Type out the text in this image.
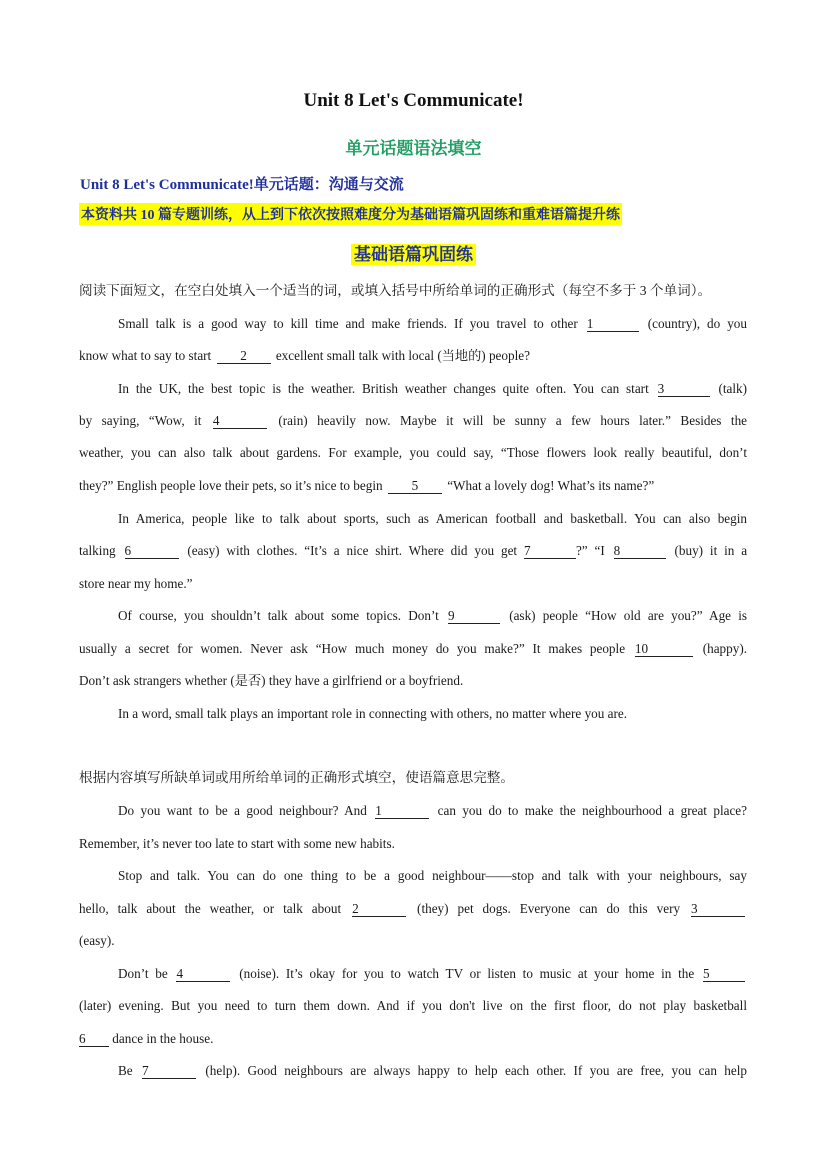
Unit 8 Let's Communicate!
单元话题语法填空
Unit 8 Let's Communicate!单元话题：沟通与交流
本资料共 10 篇专题训练，从上到下依次按照难度分为基础语篇巩固练和重难语篇提升练
基础语篇巩固练
阅读下面短文，在空白处填入一个适当的词，或填入括号中所给单词的正确形式（每空不多于 3 个单词）。
Small talk is a good way to kill time and make friends. If you travel to other 1	(country), do you
know what to say to start 2 excellent small talk with local (当地的) people?
In the UK, the best topic is the weather. British weather changes quite often. You can start 3	(talk)
by saying, “Wow, it 4	(rain) heavily now. Maybe it will be sunny a few hours later.” Besides the
weather, you can also talk about gardens. For example, you could say, “Those flowers look really beautiful, don’t
they?” English people love their pets, so it’s nice to begin 5 “What a lovely dog! What’s its name?”
In America, people like to talk about sports, such as American football and basketball. You can also begin
talking 6	(easy) with clothes. “It’s a nice shirt. Where did you get 7	?” “I 8	(buy) it in a
store near my home.”
Of course, you shouldn’t talk about some topics. Don’t 9	(ask) people “How old are you?” Age is
usually a secret for women. Never ask “How much money do you make?” It makes people 10	(happy).
Don’t ask strangers whether (是否) they have a girlfriend or a boyfriend.
In a word, small talk plays an important role in connecting with others, no matter where you are.
根据内容填写所缺单词或用所给单词的正确形式填空，使语篇意思完整。
Do you want to be a good neighbour? And 1	can you do to make the neighbourhood a great place?
Remember, it’s never too late to start with some new habits.
Stop and talk. You can do one thing to be a good neighbour——stop and talk with your neighbours, say
hello, talk about the weather, or talk about 2	(they) pet dogs. Everyone can do this very 3
(easy).
Don’t be 4	(noise). It’s okay for you to watch TV or listen to music at your home in the 5
(later) evening. But you need to turn them down. And if you don't live on the first floor, do not play basketball
6 dance in the house.
Be 7	(help). Good neighbours are always happy to help each other. If you are free, you can help
